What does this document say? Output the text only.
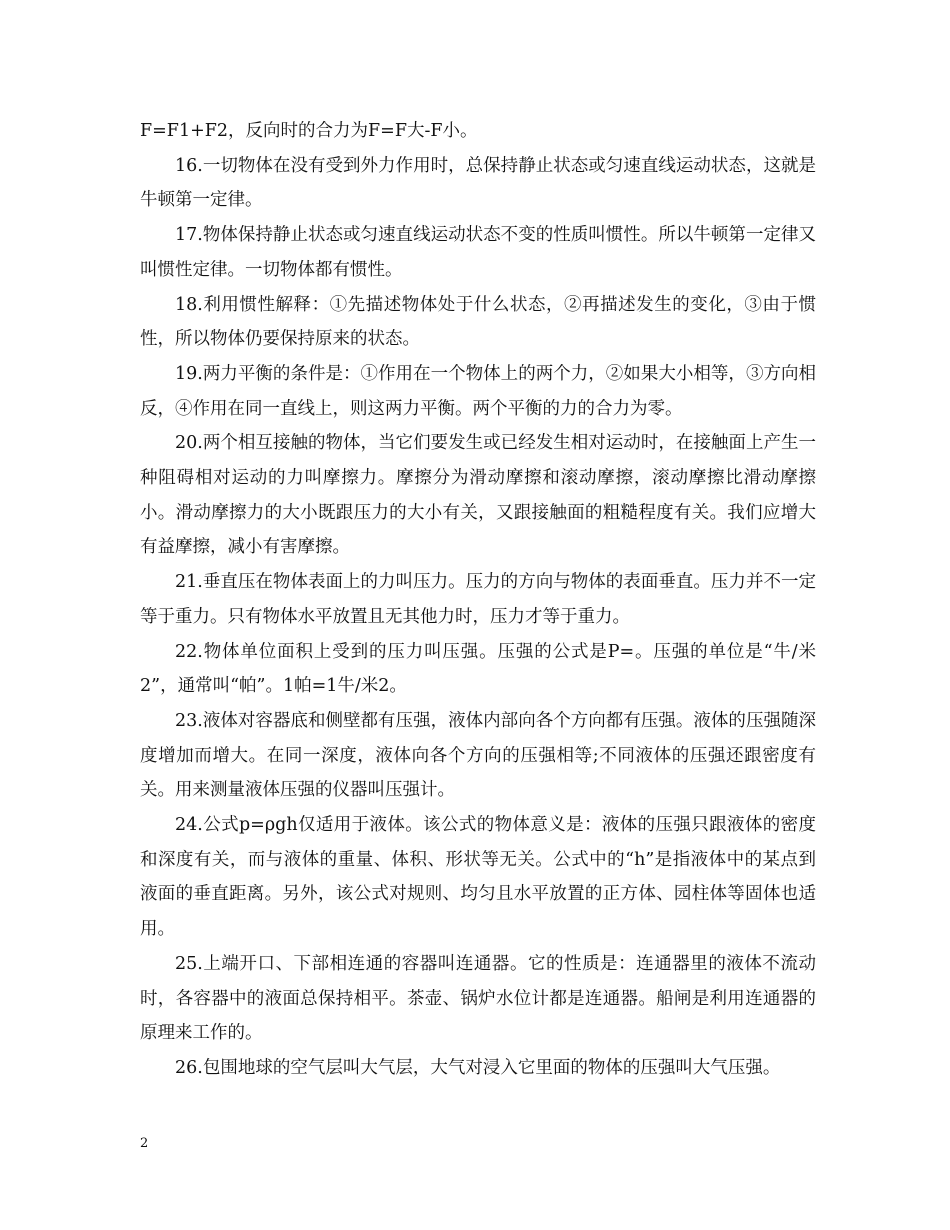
F=F1+F2，反向时的合力为F=F大-F小。

16.一切物体在没有受到外力作用时，总保持静止状态或匀速直线运动状态，这就是牛顿第一定律。

17.物体保持静止状态或匀速直线运动状态不变的性质叫惯性。所以牛顿第一定律又叫惯性定律。一切物体都有惯性。

18.利用惯性解释：①先描述物体处于什么状态，②再描述发生的变化，③由于惯性，所以物体仍要保持原来的状态。

19.两力平衡的条件是：①作用在一个物体上的两个力，②如果大小相等，③方向相反，④作用在同一直线上，则这两力平衡。两个平衡的力的合力为零。

20.两个相互接触的物体，当它们要发生或已经发生相对运动时，在接触面上产生一种阻碍相对运动的力叫摩擦力。摩擦分为滑动摩擦和滚动摩擦，滚动摩擦比滑动摩擦小。滑动摩擦力的大小既跟压力的大小有关，又跟接触面的粗糙程度有关。我们应增大有益摩擦，减小有害摩擦。

21.垂直压在物体表面上的力叫压力。压力的方向与物体的表面垂直。压力并不一定等于重力。只有物体水平放置且无其他力时，压力才等于重力。

22.物体单位面积上受到的压力叫压强。压强的公式是P=。压强的单位是“牛/米2”，通常叫“帕”。1帕=1牛/米2。

23.液体对容器底和侧壁都有压强，液体内部向各个方向都有压强。液体的压强随深度增加而增大。在同一深度，液体向各个方向的压强相等;不同液体的压强还跟密度有关。用来测量液体压强的仪器叫压强计。

24.公式p=ρgh仅适用于液体。该公式的物体意义是：液体的压强只跟液体的密度和深度有关，而与液体的重量、体积、形状等无关。公式中的“h”是指液体中的某点到液面的垂直距离。另外，该公式对规则、均匀且水平放置的正方体、园柱体等固体也适用。

25.上端开口、下部相连通的容器叫连通器。它的性质是：连通器里的液体不流动时，各容器中的液面总保持相平。茶壶、锅炉水位计都是连通器。船闸是利用连通器的原理来工作的。

26.包围地球的空气层叫大气层，大气对浸入它里面的物体的压强叫大气压强。

2
